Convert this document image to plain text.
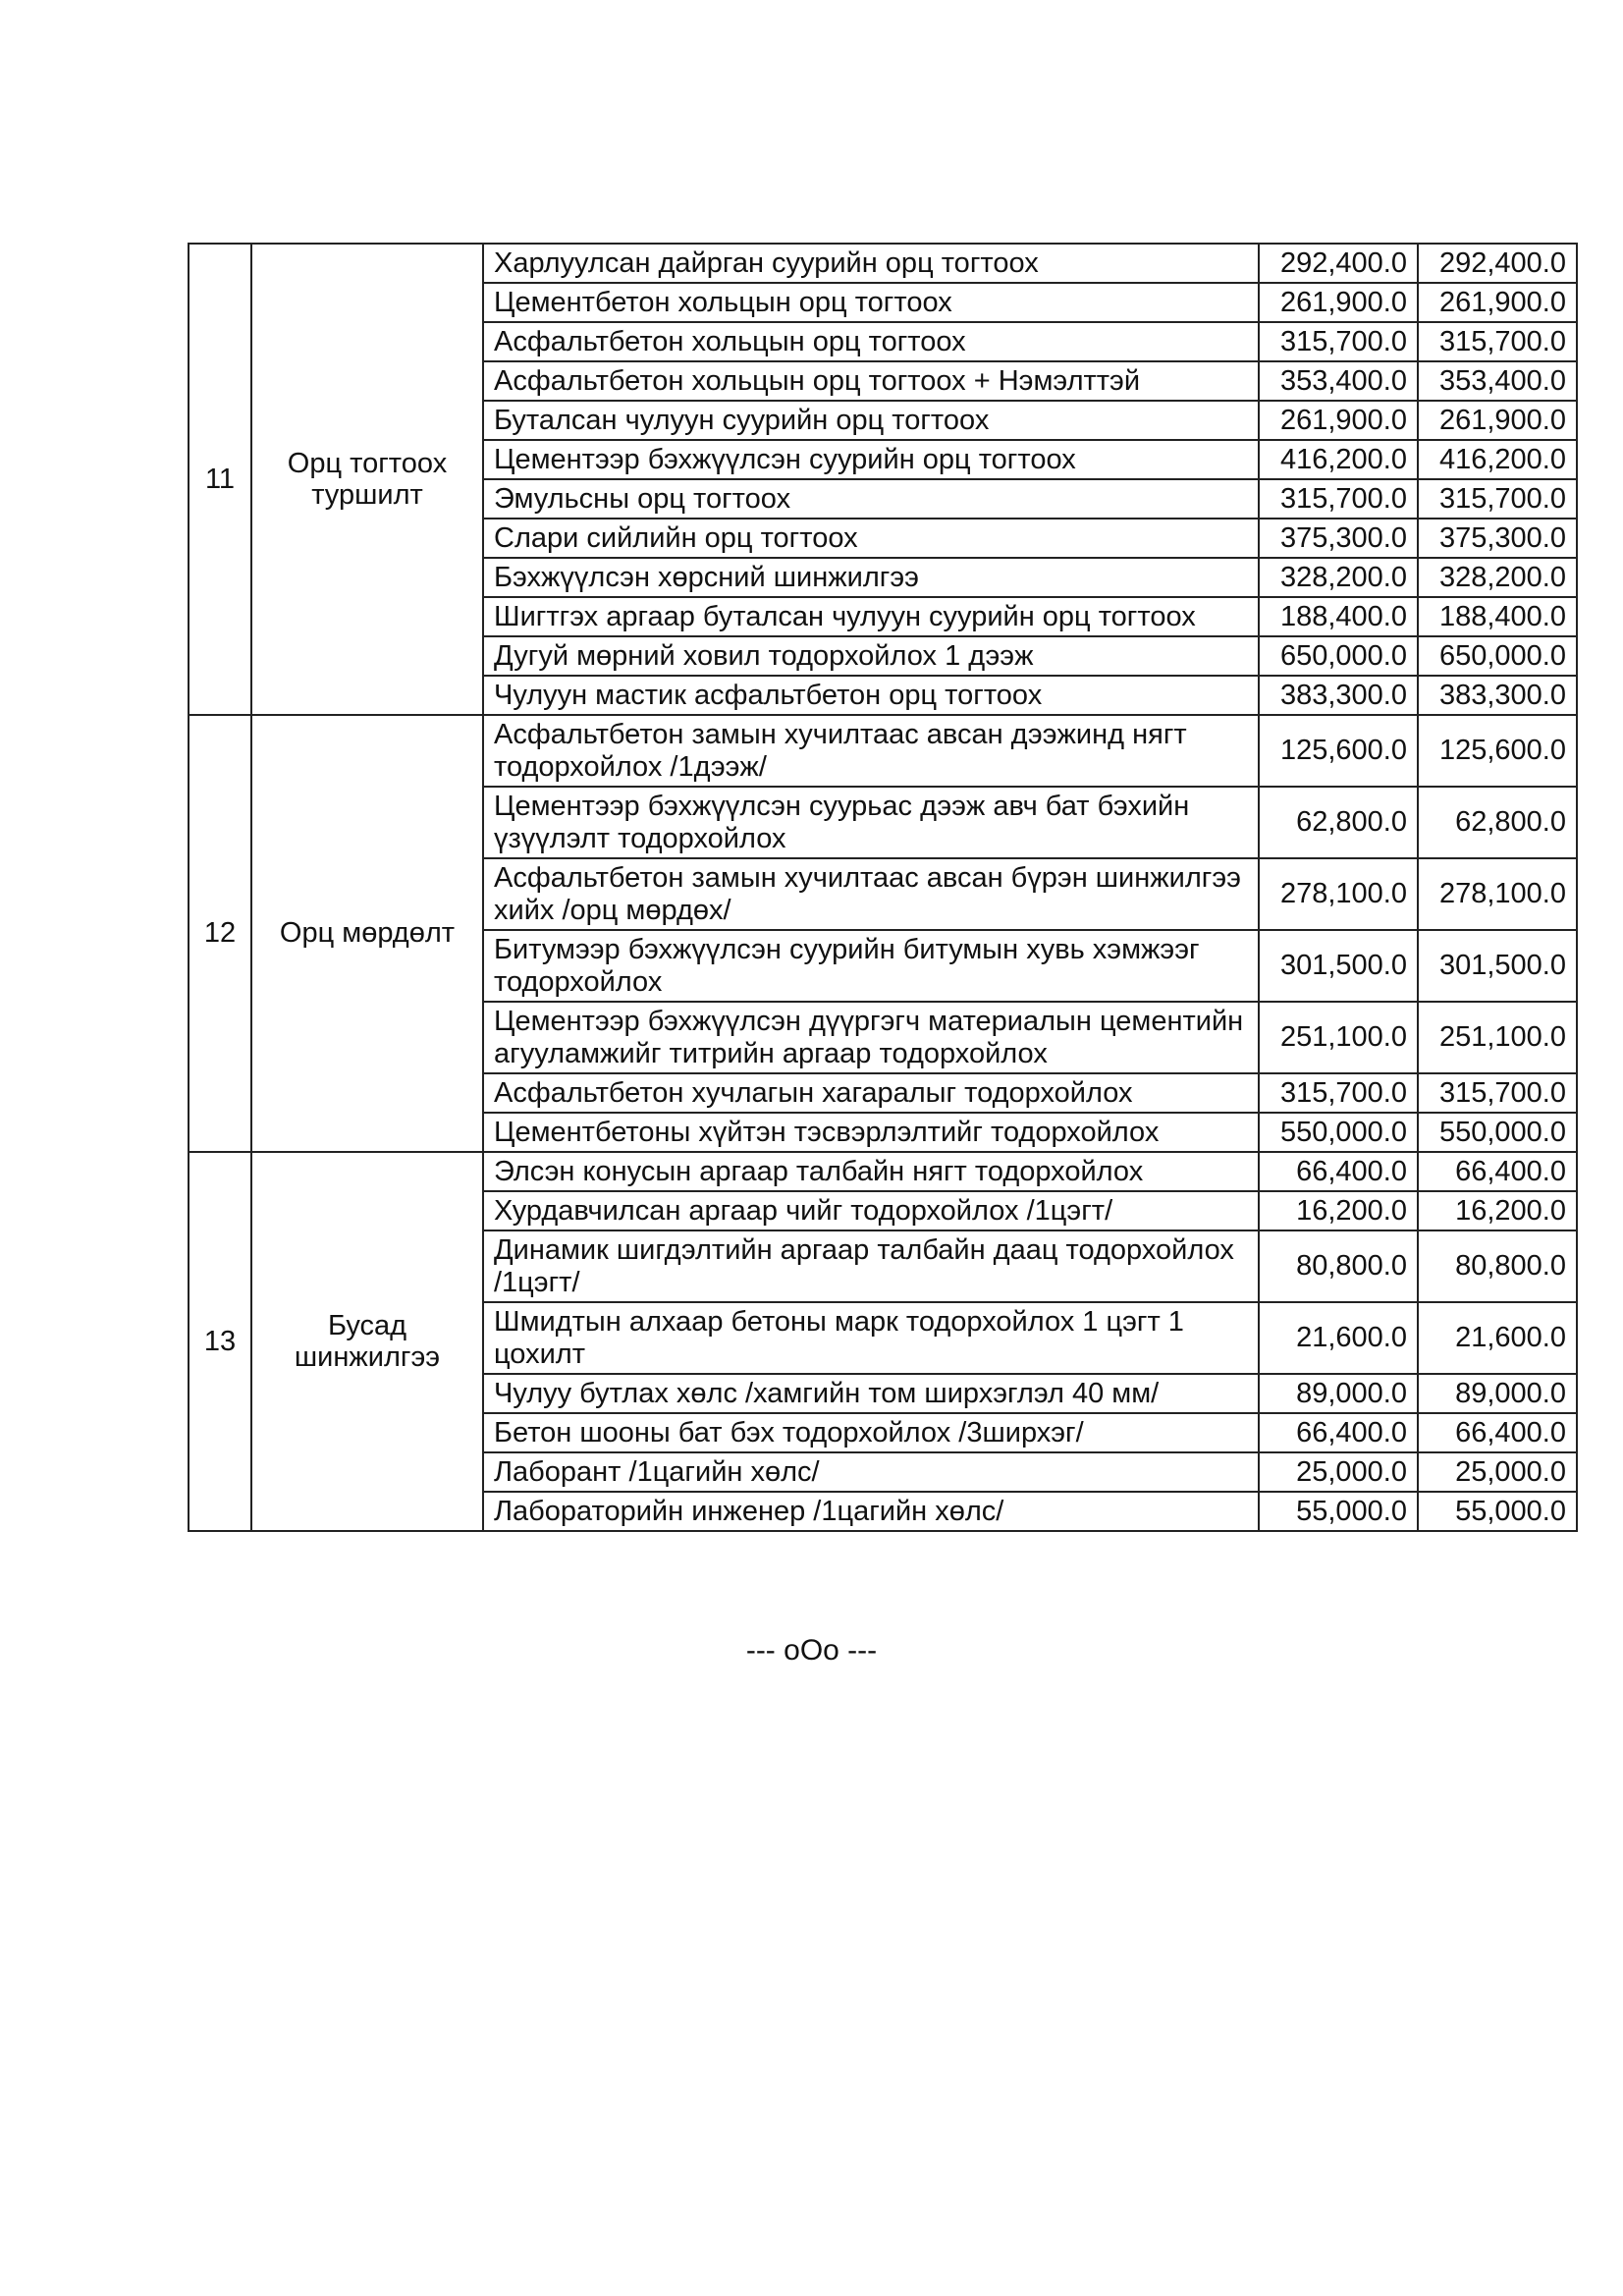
11	Орц тогтоох туршилт	Харлуулсан дайрган суурийн орц тогтоох	292,400.0	292,400.0
		Цементбетон хольцын орц тогтоох	261,900.0	261,900.0
		Асфальтбетон хольцын орц тогтоох	315,700.0	315,700.0
		Асфальтбетон хольцын орц тогтоох + Нэмэлттэй	353,400.0	353,400.0
		Буталсан чулуун суурийн орц тогтоох	261,900.0	261,900.0
		Цементээр бэхжүүлсэн суурийн орц тогтоох	416,200.0	416,200.0
		Эмульсны орц тогтоох	315,700.0	315,700.0
		Слари сийлийн орц тогтоох	375,300.0	375,300.0
		Бэхжүүлсэн хөрсний шинжилгээ	328,200.0	328,200.0
		Шигтгэх аргаар буталсан чулуун суурийн орц тогтоох	188,400.0	188,400.0
		Дугуй мөрний ховил тодорхойлох 1 дээж	650,000.0	650,000.0
		Чулуун мастик асфальтбетон орц тогтоох	383,300.0	383,300.0
12	Орц мөрдөлт	Асфальтбетон замын хучилтаас авсан дээжинд нягт тодорхойлох /1дээж/	125,600.0	125,600.0
		Цементээр бэхжүүлсэн суурьас дээж авч бат бэхийн үзүүлэлт тодорхойлох	62,800.0	62,800.0
		Асфальтбетон замын хучилтаас авсан бүрэн шинжилгээ хийх /орц мөрдөх/	278,100.0	278,100.0
		Битумээр бэхжүүлсэн суурийн битумын хувь хэмжээг тодорхойлох	301,500.0	301,500.0
		Цементээр бэхжүүлсэн дүүргэгч материалын цементийн агууламжийг титрийн аргаар тодорхойлох	251,100.0	251,100.0
		Асфальтбетон хучлагын хагаралыг тодорхойлох	315,700.0	315,700.0
		Цементбетоны хүйтэн тэсвэрлэлтийг тодорхойлох	550,000.0	550,000.0
13	Бусад шинжилгээ	Элсэн конусын аргаар талбайн нягт тодорхойлох	66,400.0	66,400.0
		Хурдавчилсан аргаар чийг тодорхойлох /1цэгт/	16,200.0	16,200.0
		Динамик шигдэлтийн аргаар талбайн даац тодорхойлох /1цэгт/	80,800.0	80,800.0
		Шмидтын алхаар бетоны марк тодорхойлох 1 цэгт 1 цохилт	21,600.0	21,600.0
		Чулуу бутлах хөлс /хамгийн том ширхэглэл 40 мм/	89,000.0	89,000.0
		Бетон шооны бат бэх тодорхойлох /3ширхэг/	66,400.0	66,400.0
		Лаборант /1цагийн хөлс/	25,000.0	25,000.0
		Лабораторийн инженер /1цагийн хөлс/	55,000.0	55,000.0
--- oOo ---
